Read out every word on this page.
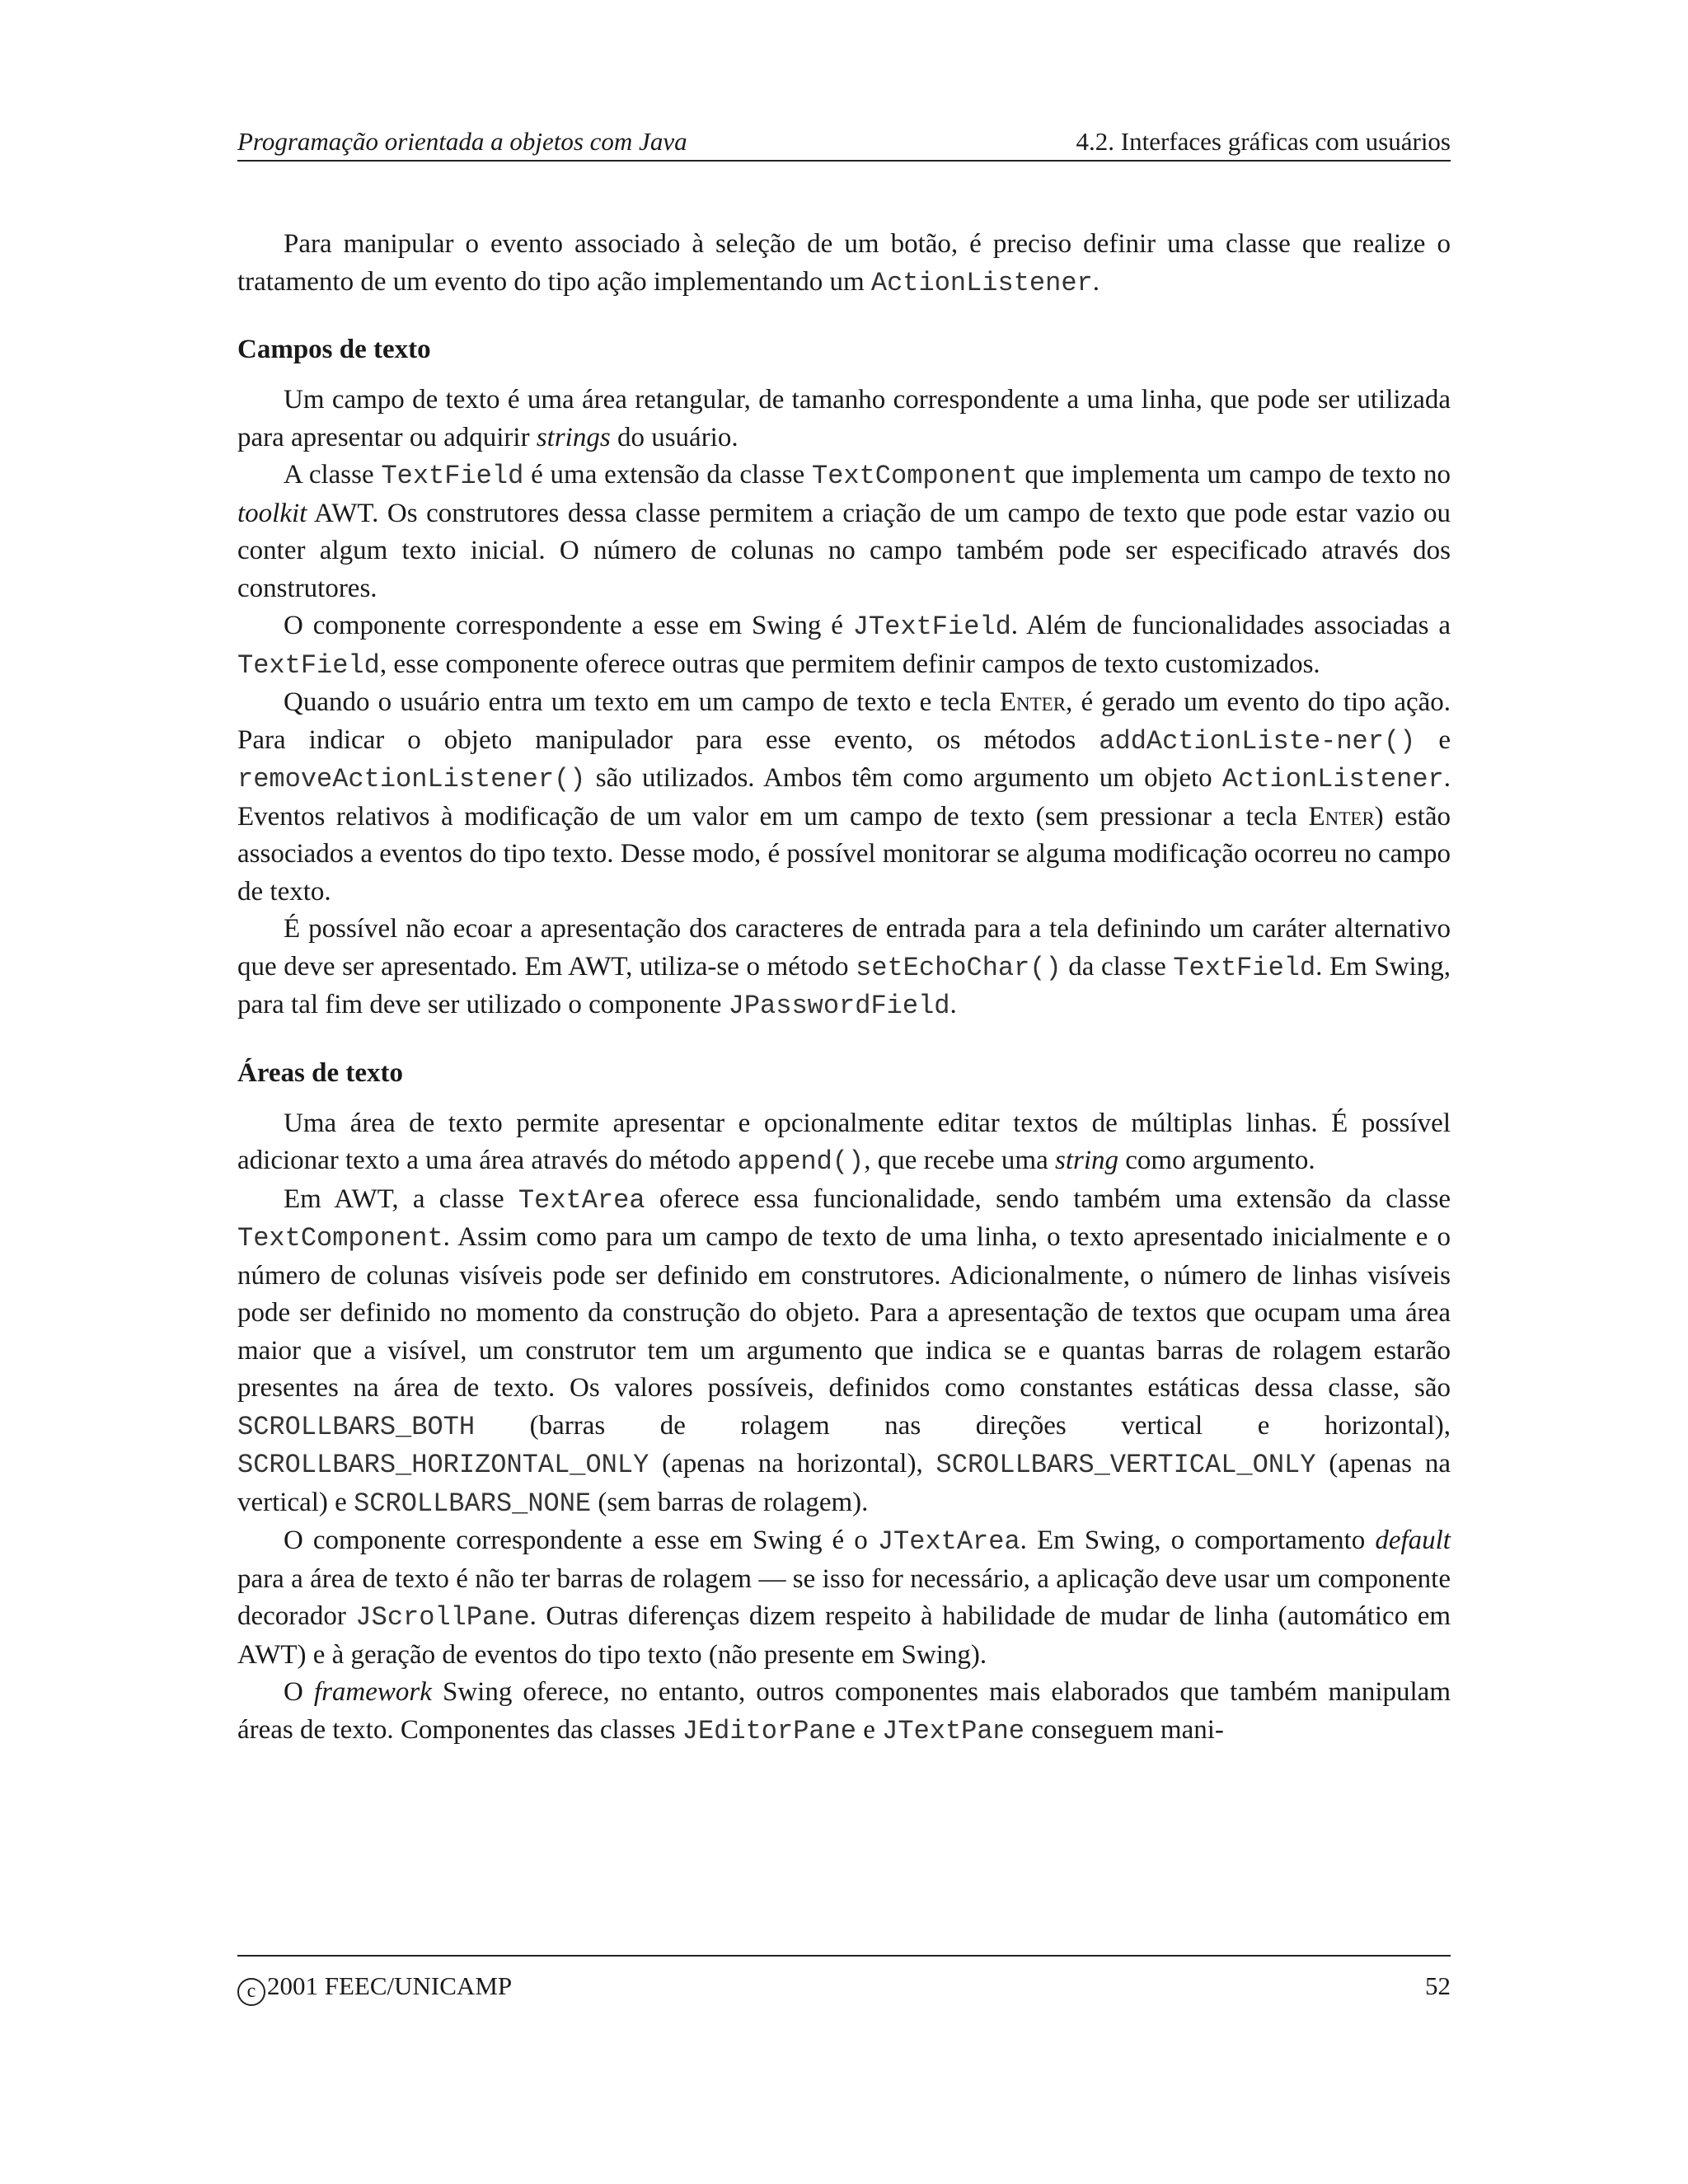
Programação orientada a objetos com Java	4.2. Interfaces gráficas com usuários

Para manipular o evento associado à seleção de um botão, é preciso definir uma classe que realize o tratamento de um evento do tipo ação implementando um ActionListener.

Campos de texto

Um campo de texto é uma área retangular, de tamanho correspondente a uma linha, que pode ser utilizada para apresentar ou adquirir strings do usuário.

A classe TextField é uma extensão da classe TextComponent que implementa um campo de texto no toolkit AWT. Os construtores dessa classe permitem a criação de um campo de texto que pode estar vazio ou conter algum texto inicial. O número de colunas no campo também pode ser especificado através dos construtores.

O componente correspondente a esse em Swing é JTextField. Além de funcionalidades associadas a TextField, esse componente oferece outras que permitem definir campos de texto customizados.

Quando o usuário entra um texto em um campo de texto e tecla Enter, é gerado um evento do tipo ação. Para indicar o objeto manipulador para esse evento, os métodos addActionListe-ner() e removeActionListener() são utilizados. Ambos têm como argumento um objeto ActionListener. Eventos relativos à modificação de um valor em um campo de texto (sem pressionar a tecla Enter) estão associados a eventos do tipo texto. Desse modo, é possível monitorar se alguma modificação ocorreu no campo de texto.

É possível não ecoar a apresentação dos caracteres de entrada para a tela definindo um caráter alternativo que deve ser apresentado. Em AWT, utiliza-se o método setEchoChar() da classe TextField. Em Swing, para tal fim deve ser utilizado o componente JPasswordField.

Áreas de texto

Uma área de texto permite apresentar e opcionalmente editar textos de múltiplas linhas. É possível adicionar texto a uma área através do método append(), que recebe uma string como argumento.

Em AWT, a classe TextArea oferece essa funcionalidade, sendo também uma extensão da classe TextComponent. Assim como para um campo de texto de uma linha, o texto apresentado inicialmente e o número de colunas visíveis pode ser definido em construtores. Adicionalmente, o número de linhas visíveis pode ser definido no momento da construção do objeto. Para a apresentação de textos que ocupam uma área maior que a visível, um construtor tem um argumento que indica se e quantas barras de rolagem estarão presentes na área de texto. Os valores possíveis, definidos como constantes estáticas dessa classe, são SCROLLBARS_BOTH (barras de rolagem nas direções vertical e horizontal), SCROLLBARS_HORIZONTAL_ONLY (apenas na horizontal), SCROLLBARS_VERTICAL_ONLY (apenas na vertical) e SCROLLBARS_NONE (sem barras de rolagem).

O componente correspondente a esse em Swing é o JTextArea. Em Swing, o comportamento default para a área de texto é não ter barras de rolagem — se isso for necessário, a aplicação deve usar um componente decorador JScrollPane. Outras diferenças dizem respeito à habilidade de mudar de linha (automático em AWT) e à geração de eventos do tipo texto (não presente em Swing).

O framework Swing oferece, no entanto, outros componentes mais elaborados que também manipulam áreas de texto. Componentes das classes JEditorPane e JTextPane conseguem mani-

c 2001 FEEC/UNICAMP	52
